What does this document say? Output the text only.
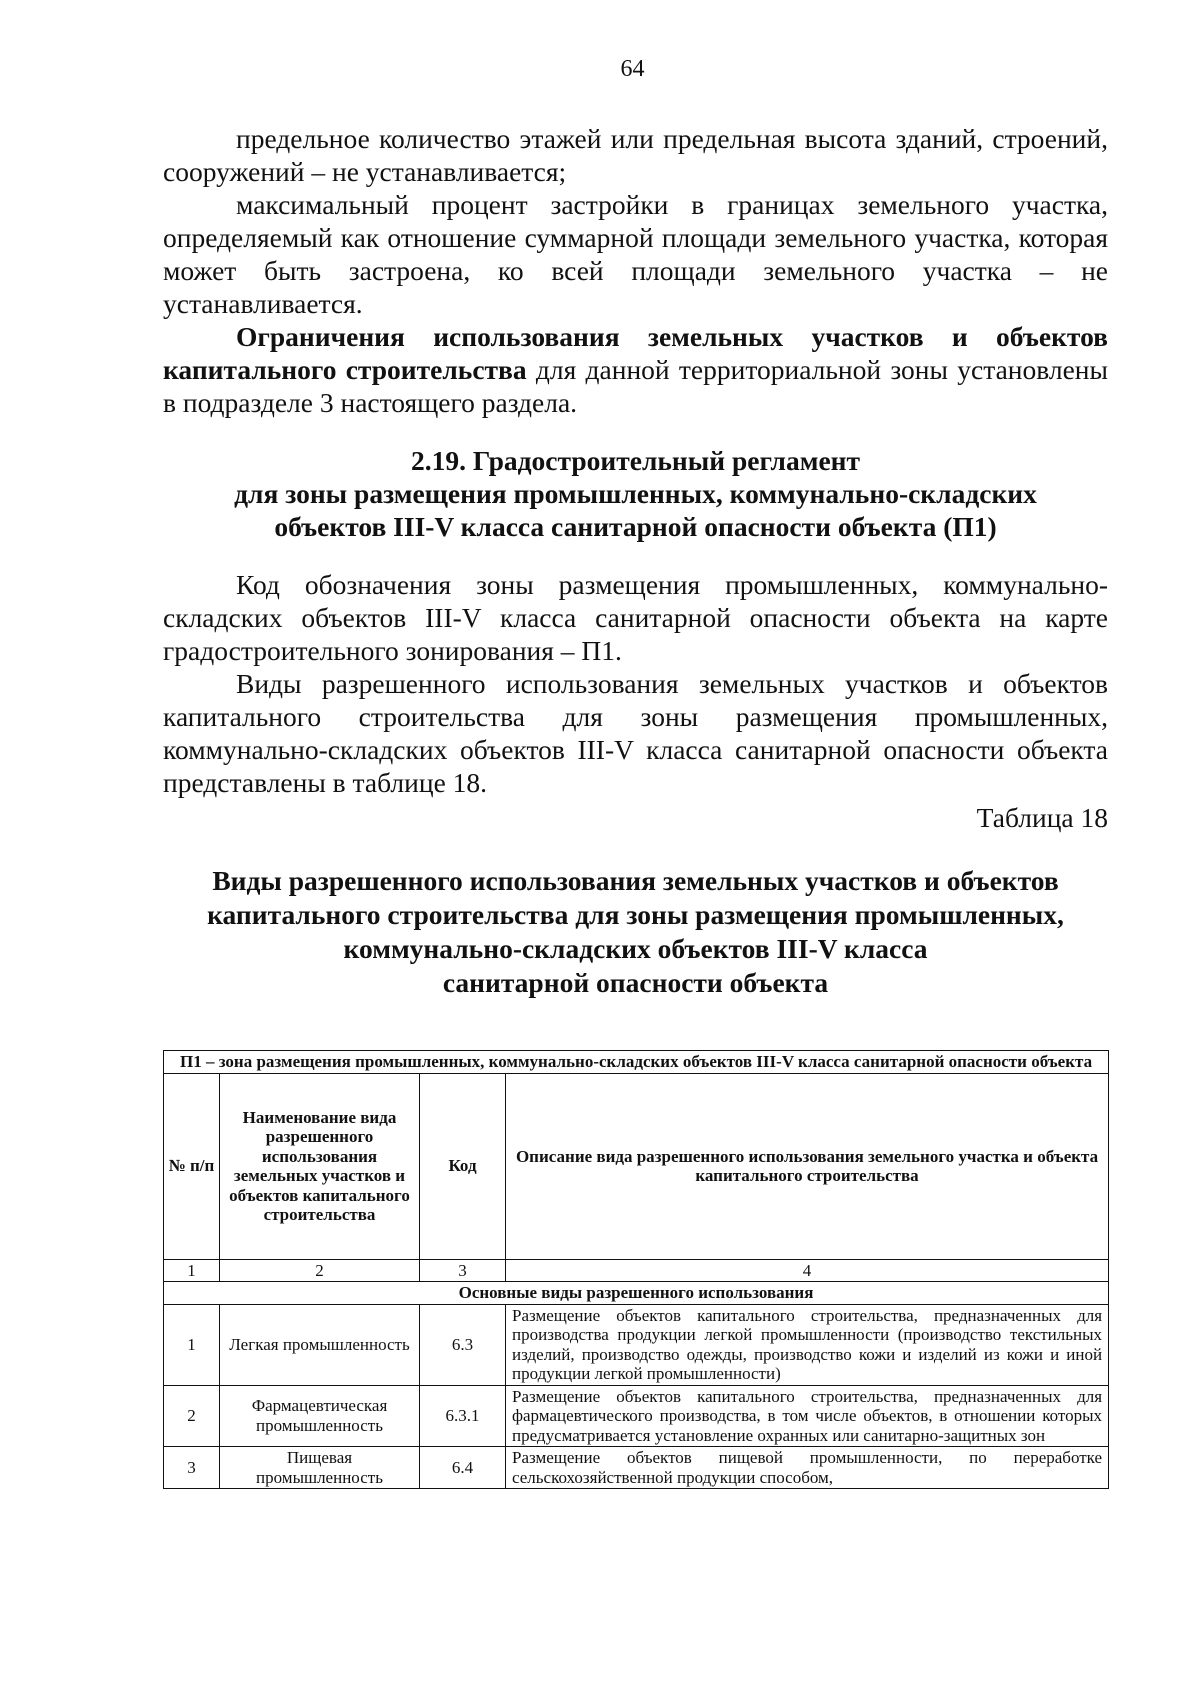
64

предельное количество этажей или предельная высота зданий, строений, сооружений – не устанавливается;

максимальный процент застройки в границах земельного участка, определяемый как отношение суммарной площади земельного участка, которая может быть застроена, ко всей площади земельного участка – не устанавливается.

Ограничения использования земельных участков и объектов капитального строительства для данной территориальной зоны установлены в подразделе 3 настоящего раздела.

2.19. Градостроительный регламент
для зоны размещения промышленных, коммунально-складских
объектов III-V класса санитарной опасности объекта (П1)

Код обозначения зоны размещения промышленных, коммунально-складских объектов III-V класса санитарной опасности объекта на карте градостроительного зонирования – П1.

Виды разрешенного использования земельных участков и объектов капитального строительства для зоны размещения промышленных, коммунально-складских объектов III-V класса санитарной опасности объекта представлены в таблице 18.

Таблица 18

Виды разрешенного использования земельных участков и объектов
капитального строительства для зоны размещения промышленных,
коммунально-складских объектов III-V класса
санитарной опасности объекта
П1 – зона размещения промышленных, коммунально-складских объектов III-V класса санитарной опасности объекта			
№ п/п	Наименование вида разрешенного использования земельных участков и объектов капитального строительства	Код	Описание вида разрешенного использования земельного участка и объекта капитального строительства
1	2	3	4
Основные виды разрешенного использования			
1	Легкая промышленность	6.3	Размещение объектов капитального строительства, предназначенных для производства продукции легкой промышленности (производство текстильных изделий, производство одежды, производство кожи и изделий из кожи и иной продукции легкой промышленности)
2	Фармацевтическая промышленность	6.3.1	Размещение объектов капитального строительства, предназначенных для фармацевтического производства, в том числе объектов, в отношении которых предусматривается установление охранных или санитарно-защитных зон
3	Пищевая промышленность	6.4	Размещение объектов пищевой промышленности, по переработке сельскохозяйственной продукции способом,
